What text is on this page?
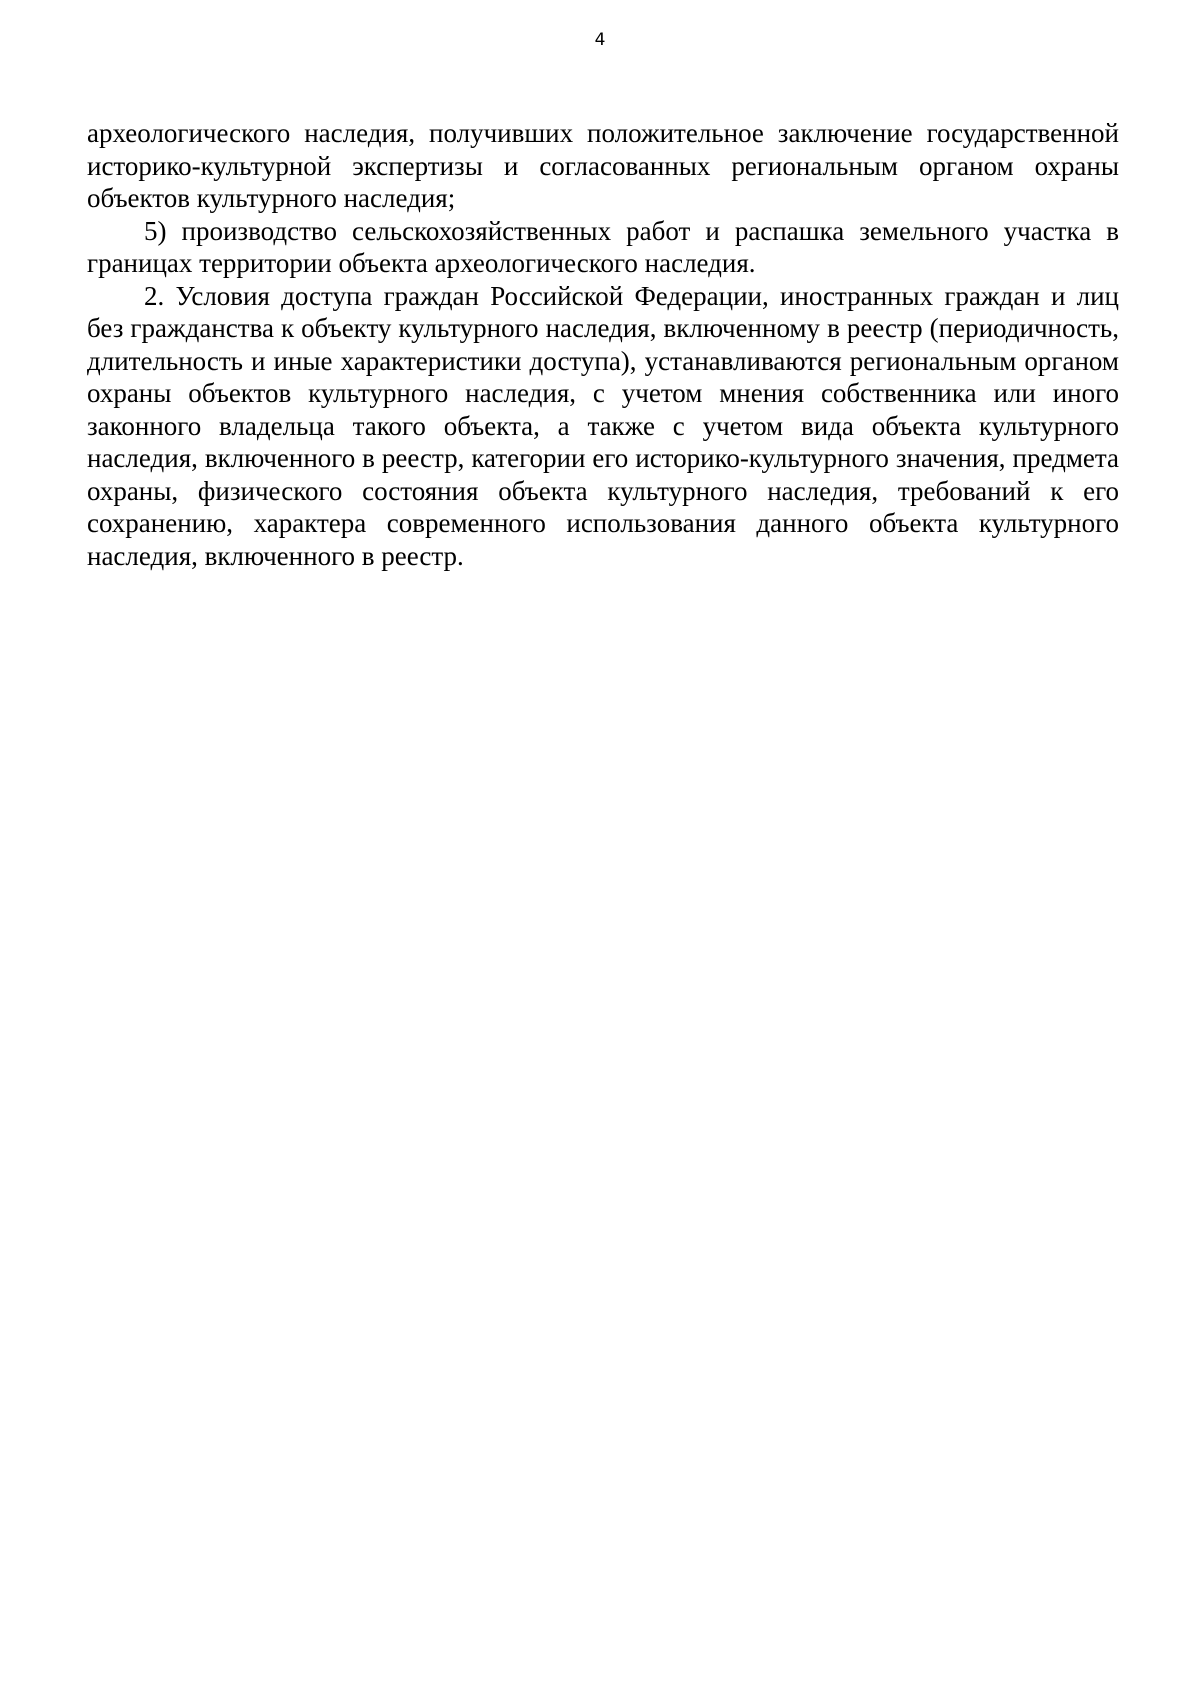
4

археологического наследия, получивших положительное заключение государственной историко-культурной экспертизы и согласованных региональным органом охраны объектов культурного наследия;

5) производство сельскохозяйственных работ и распашка земельного участка в границах территории объекта археологического наследия.

2. Условия доступа граждан Российской Федерации, иностранных граждан и лиц без гражданства к объекту культурного наследия, включенному в реестр (периодичность, длительность и иные характеристики доступа), устанавливаются региональным органом охраны объектов культурного наследия, с учетом мнения собственника или иного законного владельца такого объекта, а также с учетом вида объекта культурного наследия, включенного в реестр, категории его историко-культурного значения, предмета охраны, физического состояния объекта культурного наследия, требований к его сохранению, характера современного использования данного объекта культурного наследия, включенного в реестр.
